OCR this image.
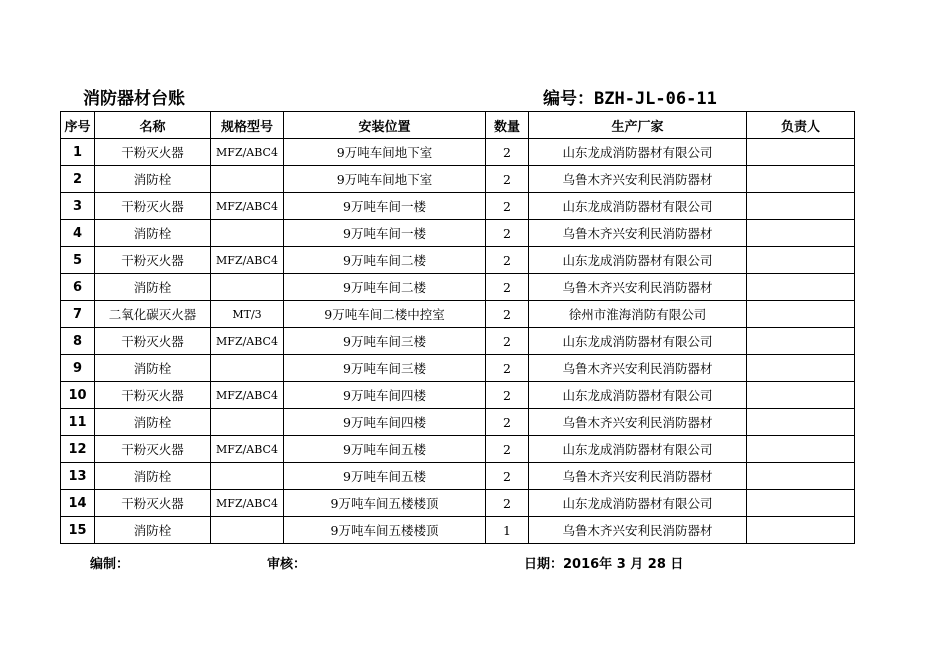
消防器材台账	编号：BZH-JL-06-11
序号	名称	规格型号	安装位置	数量	生产厂家	负责人
1	干粉灭火器	MFZ/ABC4	9万吨车间地下室	2	山东龙成消防器材有限公司	
2	消防栓		9万吨车间地下室	2	乌鲁木齐兴安利民消防器材	
3	干粉灭火器	MFZ/ABC4	9万吨车间一楼	2	山东龙成消防器材有限公司	
4	消防栓		9万吨车间一楼	2	乌鲁木齐兴安利民消防器材	
5	干粉灭火器	MFZ/ABC4	9万吨车间二楼	2	山东龙成消防器材有限公司	
6	消防栓		9万吨车间二楼	2	乌鲁木齐兴安利民消防器材	
7	二氧化碳灭火器	MT/3	9万吨车间二楼中控室	2	徐州市淮海消防有限公司	
8	干粉灭火器	MFZ/ABC4	9万吨车间三楼	2	山东龙成消防器材有限公司	
9	消防栓		9万吨车间三楼	2	乌鲁木齐兴安利民消防器材	
10	干粉灭火器	MFZ/ABC4	9万吨车间四楼	2	山东龙成消防器材有限公司	
11	消防栓		9万吨车间四楼	2	乌鲁木齐兴安利民消防器材	
12	干粉灭火器	MFZ/ABC4	9万吨车间五楼	2	山东龙成消防器材有限公司	
13	消防栓		9万吨车间五楼	2	乌鲁木齐兴安利民消防器材	
14	干粉灭火器	MFZ/ABC4	9万吨车间五楼楼顶	2	山东龙成消防器材有限公司	
15	消防栓		9万吨车间五楼楼顶	1	乌鲁木齐兴安利民消防器材	
编制：	审核：	日期：2016年 3 月 28 日
